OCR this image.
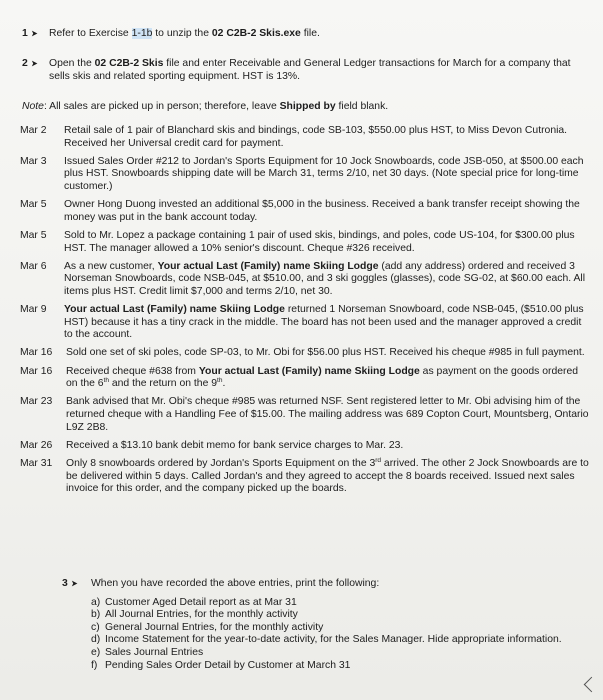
1 ➤ Refer to Exercise 1-1b to unzip the 02 C2B-2 Skis.exe file.
2 ➤ Open the 02 C2B-2 Skis file and enter Receivable and General Ledger transactions for March for a company that sells skis and related sporting equipment. HST is 13%.
Note: All sales are picked up in person; therefore, leave Shipped by field blank.
Mar 2	Retail sale of 1 pair of Blanchard skis and bindings, code SB-103, $550.00 plus HST, to Miss Devon Cutronia. Received her Universal credit card for payment.
Mar 3	Issued Sales Order #212 to Jordan's Sports Equipment for 10 Jock Snowboards, code JSB-050, at $500.00 each plus HST. Snowboards shipping date will be March 31, terms 2/10, net 30 days. (Note special price for long-time customer.)
Mar 5	Owner Hong Duong invested an additional $5,000 in the business. Received a bank transfer receipt showing the money was put in the bank account today.
Mar 5	Sold to Mr. Lopez a package containing 1 pair of used skis, bindings, and poles, code US-104, for $300.00 plus HST. The manager allowed a 10% senior's discount. Cheque #326 received.
Mar 6	As a new customer, Your actual Last (Family) name Skiing Lodge (add any address) ordered and received 3 Norseman Snowboards, code NSB-045, at $510.00, and 3 ski goggles (glasses), code SG-02, at $60.00 each. All items plus HST. Credit limit $7,000 and terms 2/10, net 30.
Mar 9	Your actual Last (Family) name Skiing Lodge returned 1 Norseman Snowboard, code NSB-045, ($510.00 plus HST) because it has a tiny crack in the middle. The board has not been used and the manager approved a credit to the account.
Mar 16	Sold one set of ski poles, code SP-03, to Mr. Obi for $56.00 plus HST. Received his cheque #985 in full payment.
Mar 16	Received cheque #638 from Your actual Last (Family) name Skiing Lodge as payment on the goods ordered on the 6th and the return on the 9th.
Mar 23	Bank advised that Mr. Obi's cheque #985 was returned NSF. Sent registered letter to Mr. Obi advising him of the returned cheque with a Handling Fee of $15.00. The mailing address was 689 Copton Court, Mountsberg, Ontario L9Z 2B8.
Mar 26	Received a $13.10 bank debit memo for bank service charges to Mar. 23.
Mar 31	Only 8 snowboards ordered by Jordan's Sports Equipment on the 3rd arrived. The other 2 Jock Snowboards are to be delivered within 5 days. Called Jordan's and they agreed to accept the 8 boards received. Issued next sales invoice for this order, and the company picked up the boards.
3 ➤ When you have recorded the above entries, print the following:
a) Customer Aged Detail report as at Mar 31
b) All Journal Entries, for the monthly activity
c) General Journal Entries, for the monthly activity
d) Income Statement for the year-to-date activity, for the Sales Manager. Hide appropriate information.
e) Sales Journal Entries
f) Pending Sales Order Detail by Customer at March 31
